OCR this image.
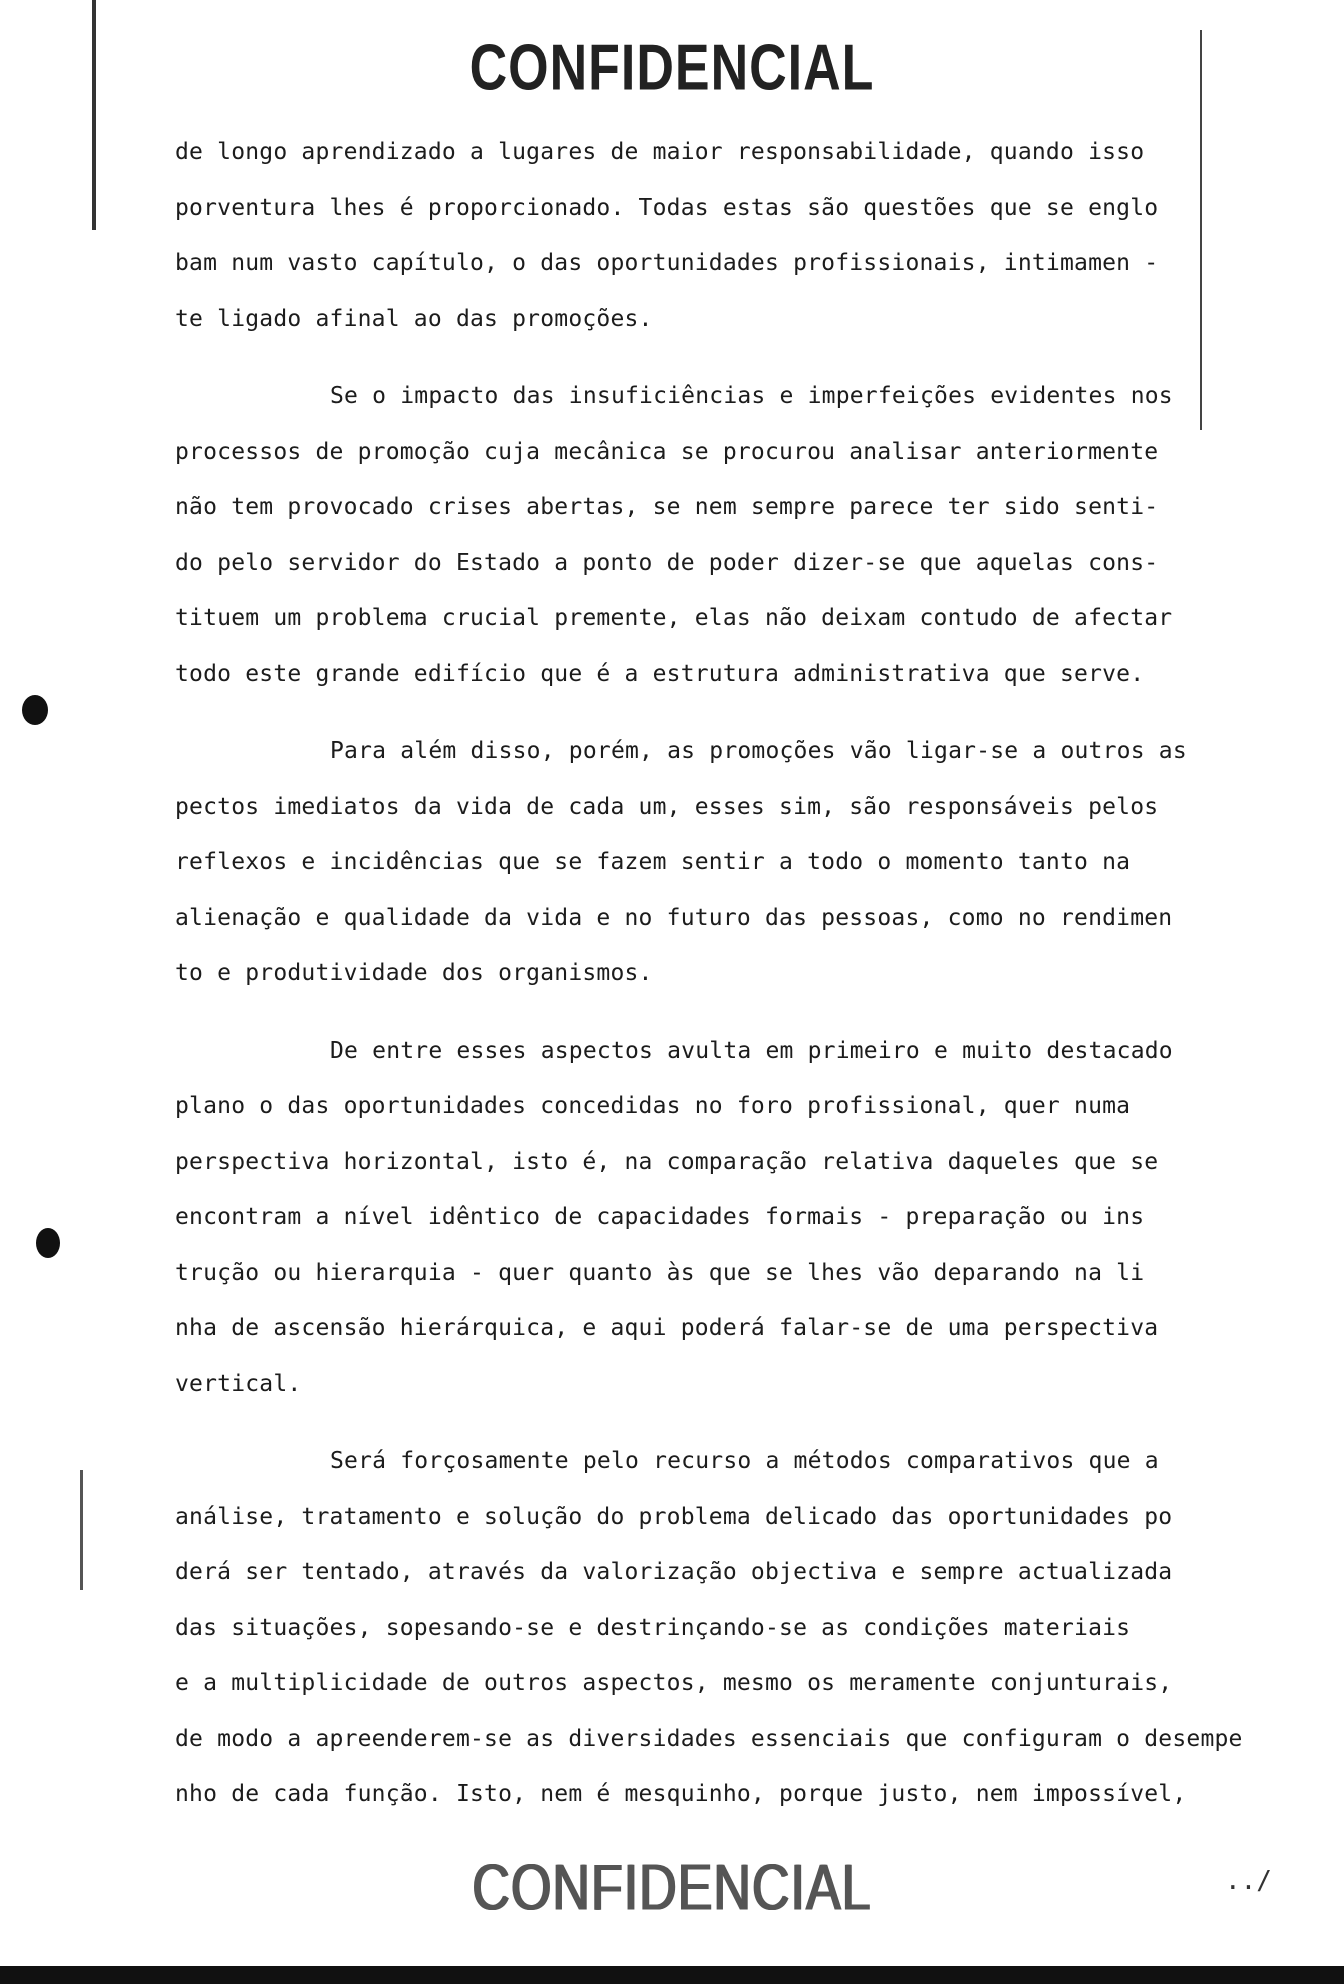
CONFIDENCIAL
de longo aprendizado a lugares de maior responsabilidade, quando isso
porventura lhes é proporcionado. Todas estas são questões que se englo
bam num vasto capítulo, o das oportunidades profissionais, intimamen -
te ligado afinal ao das promoções.
Se o impacto das insuficiências e imperfeições evidentes nos
processos de promoção cuja mecânica se procurou analisar anteriormente
não tem provocado crises abertas, se nem sempre parece ter sido senti-
do pelo servidor do Estado a ponto de poder dizer-se que aquelas cons-
tituem um problema crucial premente, elas não deixam contudo de afectar
todo este grande edifício que é a estrutura administrativa que serve.
Para além disso, porém, as promoções vão ligar-se a outros as
pectos imediatos da vida de cada um, esses sim, são responsáveis pelos
reflexos e incidências que se fazem sentir a todo o momento tanto na
alienação e qualidade da vida e no futuro das pessoas, como no rendimen
to e produtividade dos organismos.
De entre esses aspectos avulta em primeiro e muito destacado
plano o das oportunidades concedidas no foro profissional, quer numa
perspectiva horizontal, isto é, na comparação relativa daqueles que se
encontram a nível idêntico de capacidades formais - preparação ou ins
trução ou hierarquia - quer quanto às que se lhes vão deparando na li
nha de ascensão hierárquica, e aqui poderá falar-se de uma perspectiva
vertical.
Será forçosamente pelo recurso a métodos comparativos que a
análise, tratamento e solução do problema delicado das oportunidades po
derá ser tentado, através da valorização objectiva e sempre actualizada
das situações, sopesando-se e destrinçando-se as condições materiais
e a multiplicidade de outros aspectos, mesmo os meramente conjunturais,
de modo a apreenderem-se as diversidades essenciais que configuram o desempe
nho de cada função. Isto, nem é mesquinho, porque justo, nem impossível,
CONFIDENCIAL	../
